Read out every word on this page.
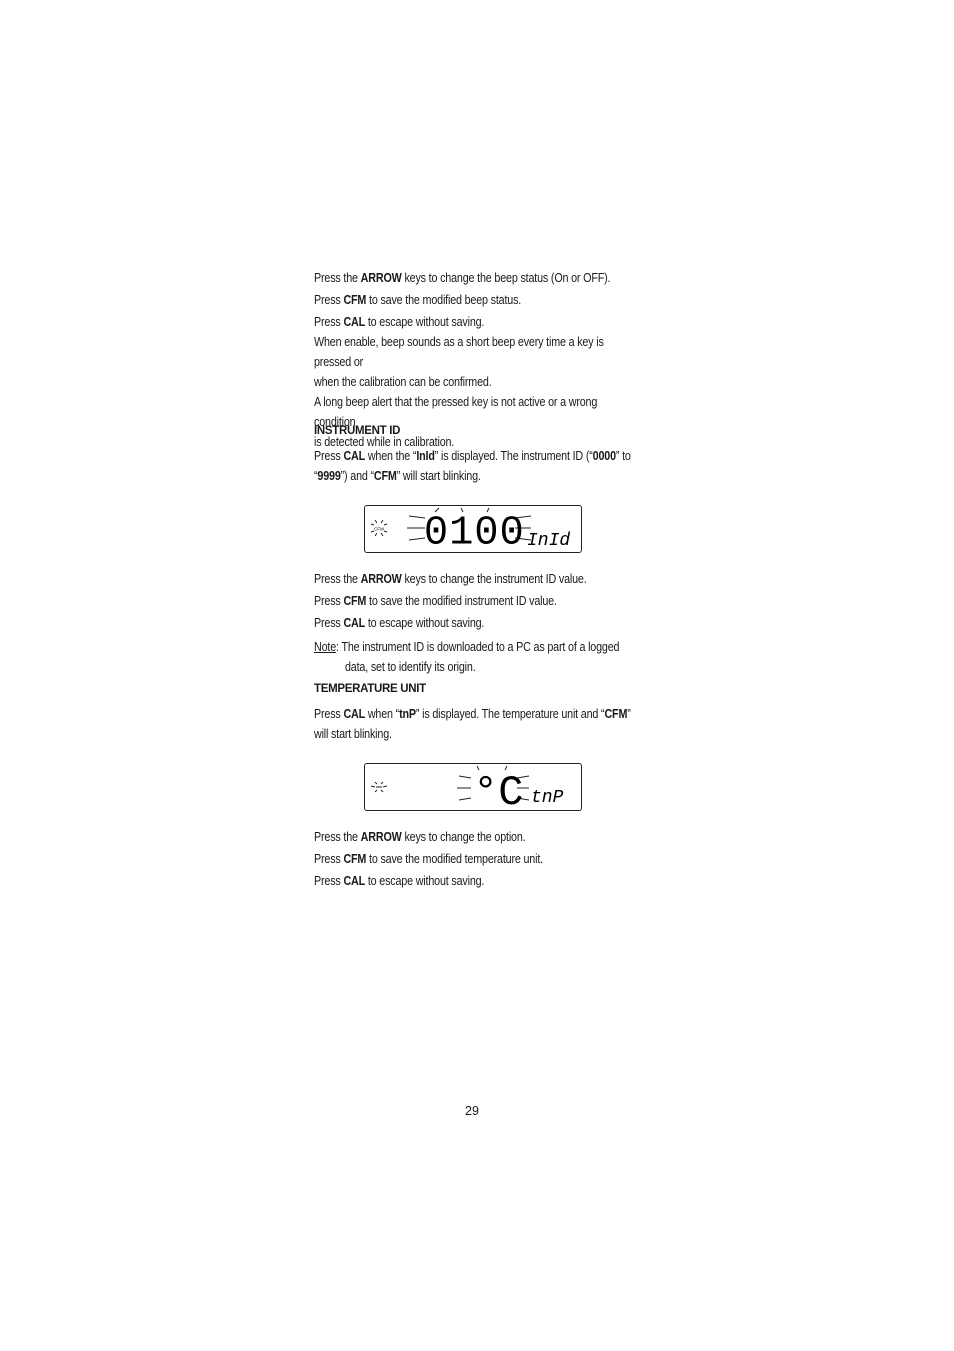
Press the ARROW keys to change the beep status (On or OFF).

Press CFM to save the modified beep status.

Press CAL to escape without saving.

When enable, beep sounds as a short beep every time a key is pressed or

when the calibration can be confirmed.

A long beep alert that the pressed key is not active or a wrong condition

is detected while in calibration.

INSTRUMENT ID

Press CAL when the “InId” is displayed. The instrument ID (“0000” to

“9999”) and “CFM” will start blinking.

CFM 0100 InId

Press the ARROW keys to change the instrument ID value.

Press CFM to save the modified instrument ID value.

Press CAL to escape without saving.

Note: The instrument ID is downloaded to a PC as part of a logged

data, set to identify its origin.

TEMPERATURE UNIT

Press CAL when “tnP” is displayed. The temperature unit and “CFM”

will start blinking.

°C tnP

Press the ARROW keys to change the option.

Press CFM to save the modified temperature unit.

Press CAL to escape without saving.

29
